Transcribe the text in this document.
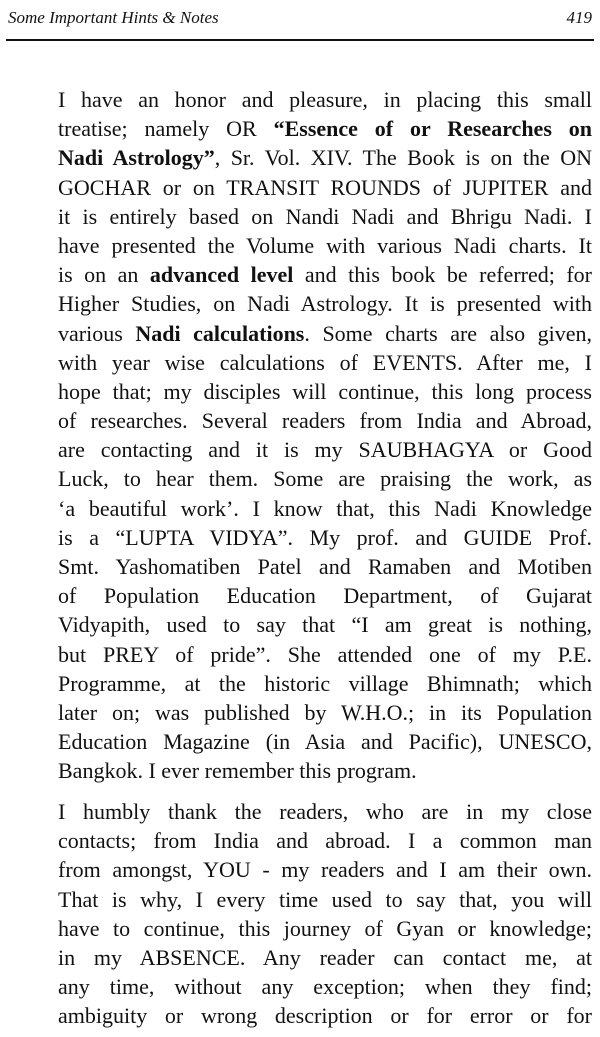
Some Important Hints & Notes	419
I have an honor and pleasure, in placing this small
treatise; namely OR “Essence of or Researches on
Nadi Astrology”, Sr. Vol. XIV. The Book is on the ON
GOCHAR or on TRANSIT ROUNDS of JUPITER and
it is entirely based on Nandi Nadi and Bhrigu Nadi. I
have presented the Volume with various Nadi charts. It
is on an advanced level and this book be referred; for
Higher Studies, on Nadi Astrology. It is presented with
various Nadi calculations. Some charts are also given,
with year wise calculations of EVENTS. After me, I
hope that; my disciples will continue, this long process
of researches. Several readers from India and Abroad,
are contacting and it is my SAUBHAGYA or Good
Luck, to hear them. Some are praising the work, as
‘a beautiful work’. I know that, this Nadi Knowledge
is a “LUPTA VIDYA”. My prof. and GUIDE Prof.
Smt. Yashomatiben Patel and Ramaben and Motiben
of Population Education Department, of Gujarat
Vidyapith, used to say that “I am great is nothing,
but PREY of pride”. She attended one of my P.E.
Programme, at the historic village Bhimnath; which
later on; was published by W.H.O.; in its Population
Education Magazine (in Asia and Pacific), UNESCO,
Bangkok. I ever remember this program.
I humbly thank the readers, who are in my close
contacts; from India and abroad. I a common man
from amongst, YOU - my readers and I am their own.
That is why, I every time used to say that, you will
have to continue, this journey of Gyan or knowledge;
in my ABSENCE. Any reader can contact me, at
any time, without any exception; when they find;
ambiguity or wrong description or for error or for
